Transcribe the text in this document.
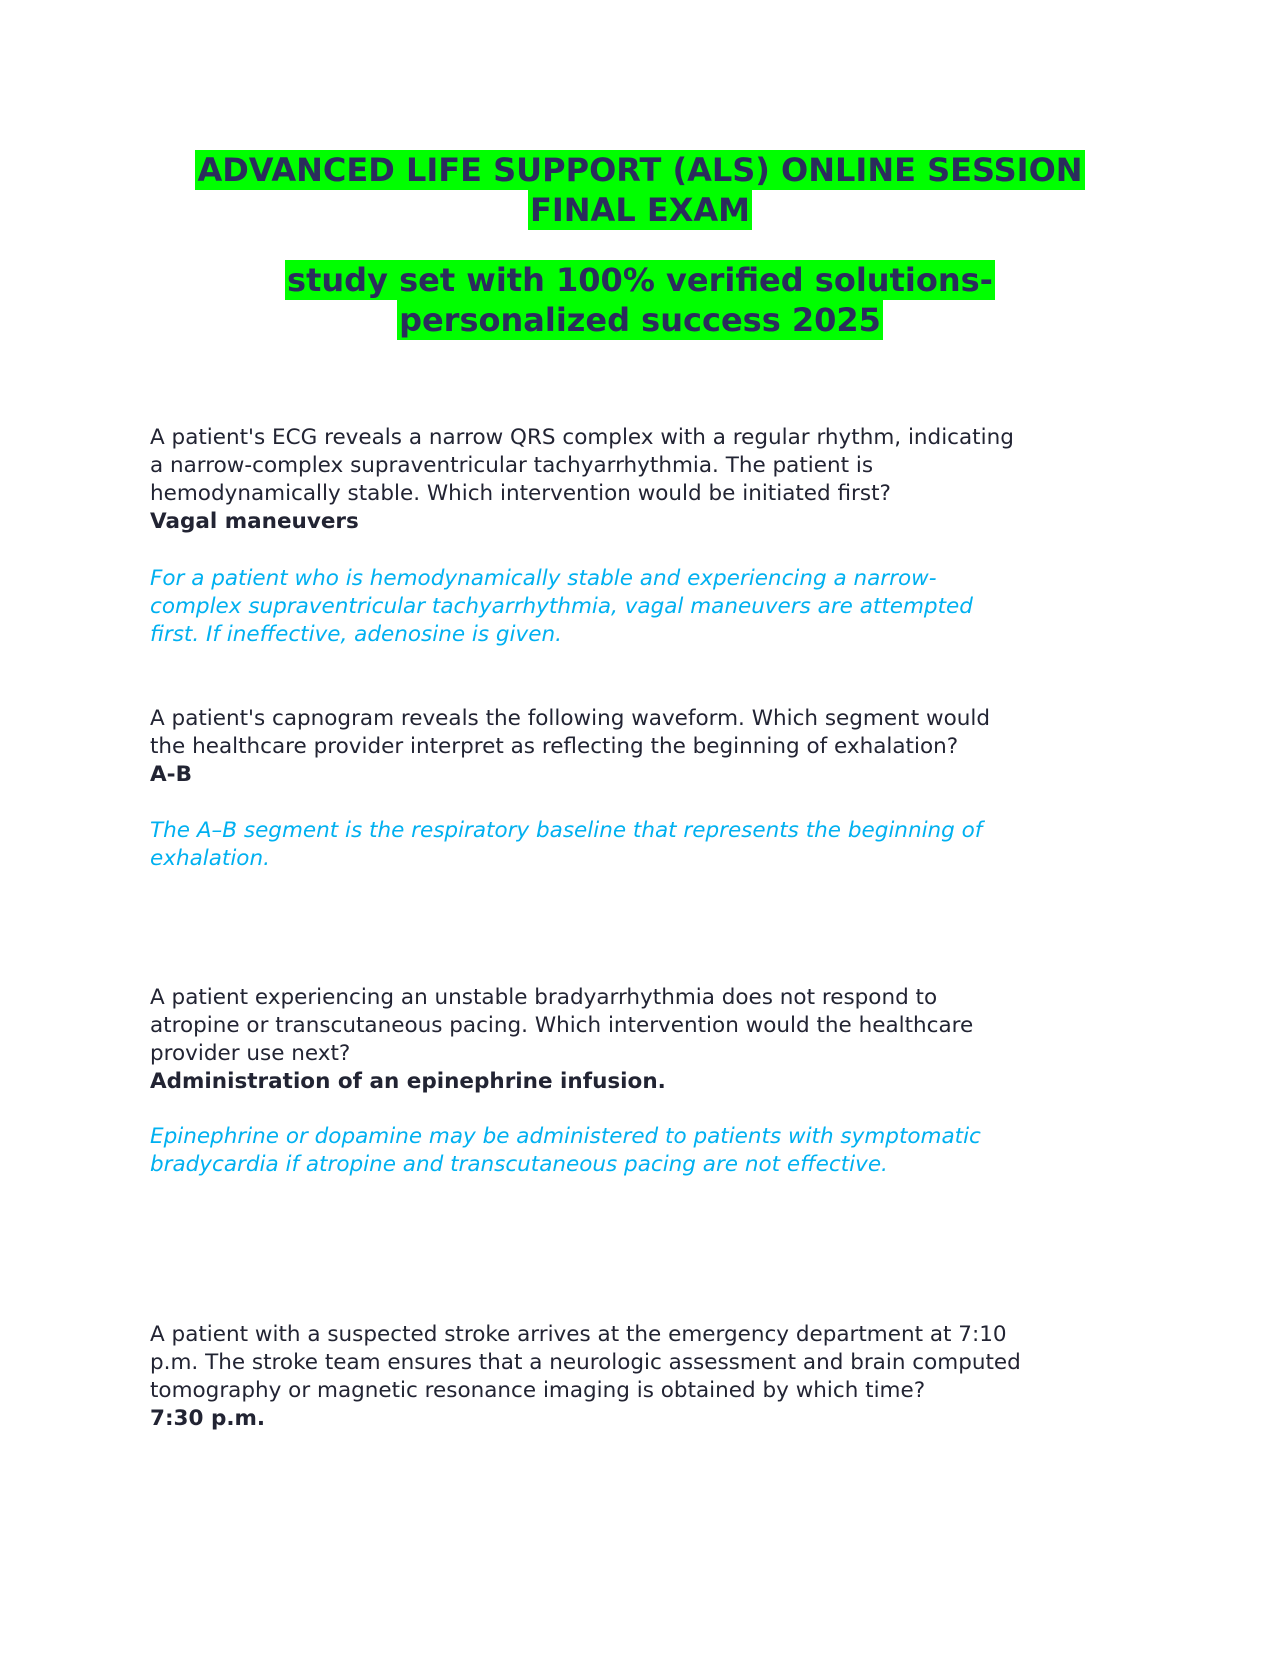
ADVANCED LIFE SUPPORT (ALS) ONLINE SESSION
FINAL EXAM
study set with 100% verified solutions-
personalized success 2025
A patient's ECG reveals a narrow QRS complex with a regular rhythm, indicating
a narrow-complex supraventricular tachyarrhythmia. The patient is
hemodynamically stable. Which intervention would be initiated first?
Vagal maneuvers
For a patient who is hemodynamically stable and experiencing a narrow-
complex supraventricular tachyarrhythmia, vagal maneuvers are attempted
first. If ineffective, adenosine is given.
A patient's capnogram reveals the following waveform. Which segment would
the healthcare provider interpret as reflecting the beginning of exhalation?
A-B
The A–B segment is the respiratory baseline that represents the beginning of
exhalation.
A patient experiencing an unstable bradyarrhythmia does not respond to
atropine or transcutaneous pacing. Which intervention would the healthcare
provider use next?
Administration of an epinephrine infusion.
Epinephrine or dopamine may be administered to patients with symptomatic
bradycardia if atropine and transcutaneous pacing are not effective.
A patient with a suspected stroke arrives at the emergency department at 7:10
p.m. The stroke team ensures that a neurologic assessment and brain computed
tomography or magnetic resonance imaging is obtained by which time?
7:30 p.m.
